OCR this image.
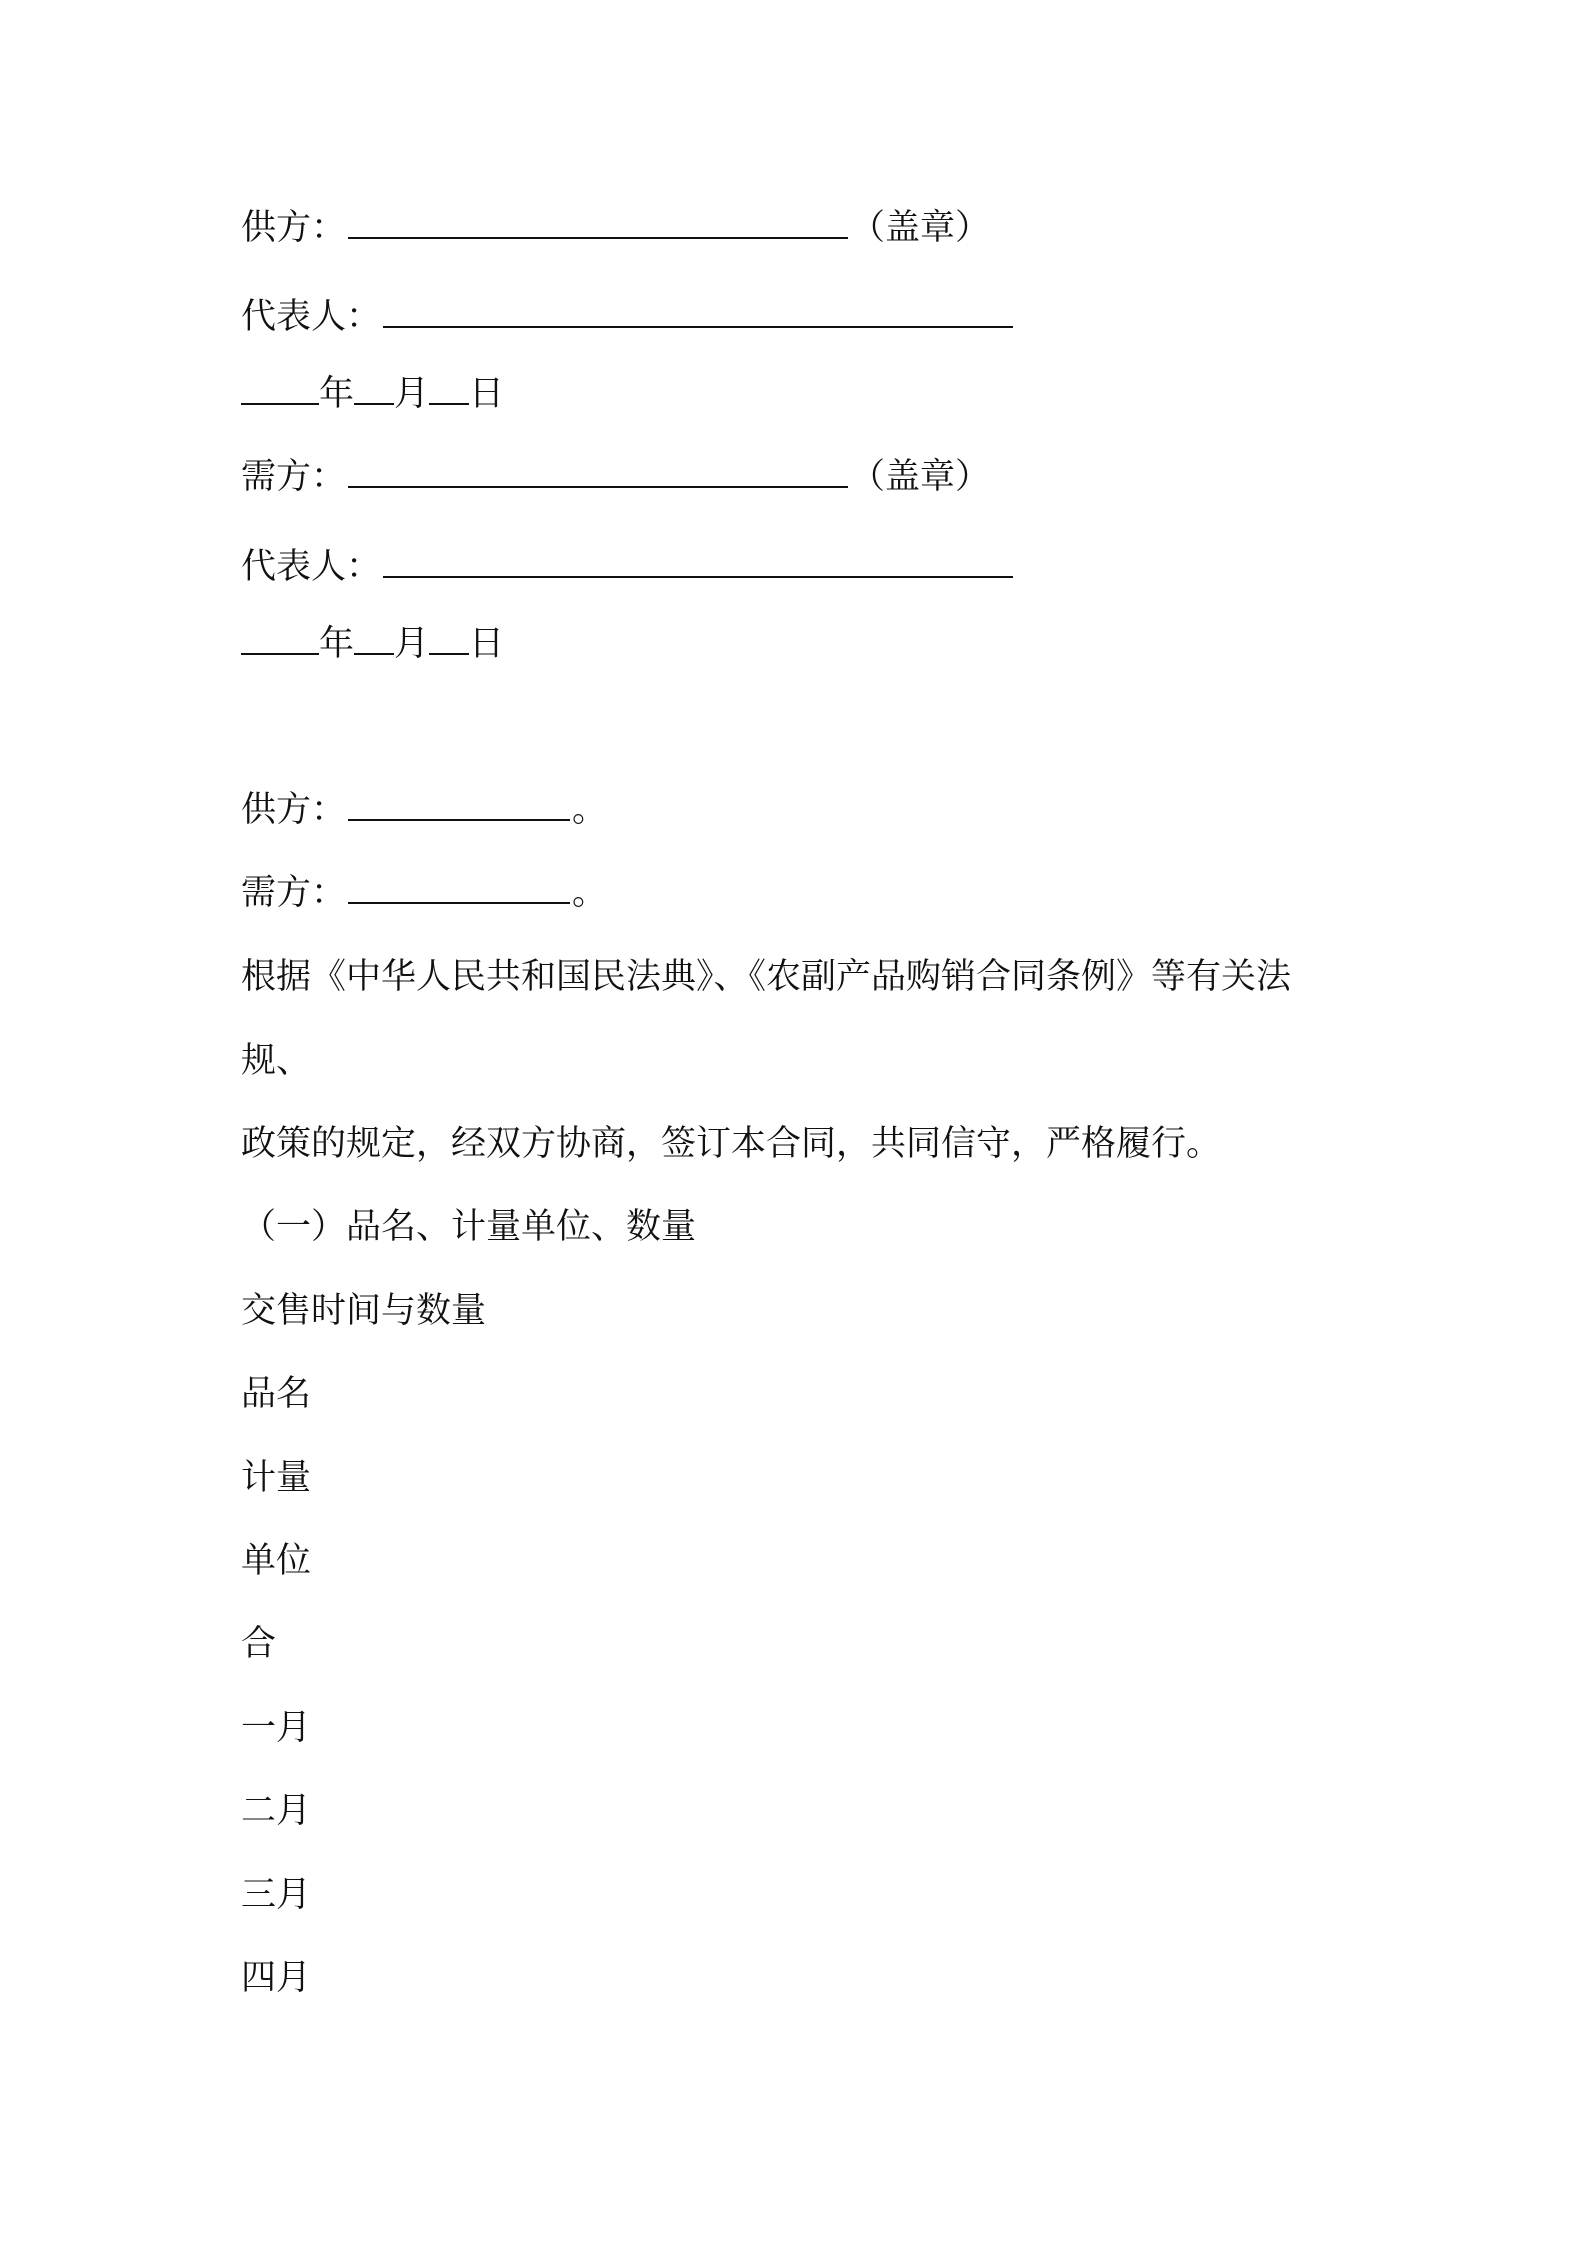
供方：	（盖章）
代表人：
年 月 日
需方：	（盖章）
代表人：
年 月 日
供方：	。
需方：	。
根据《中华人民共和国民法典》、《农副产品购销合同条例》等有关法
规、
政策的规定，经双方协商，签订本合同，共同信守，严格履行。
（一）品名、计量单位、数量
交售时间与数量
品名
计量
单位
合
一月
二月
三月
四月
